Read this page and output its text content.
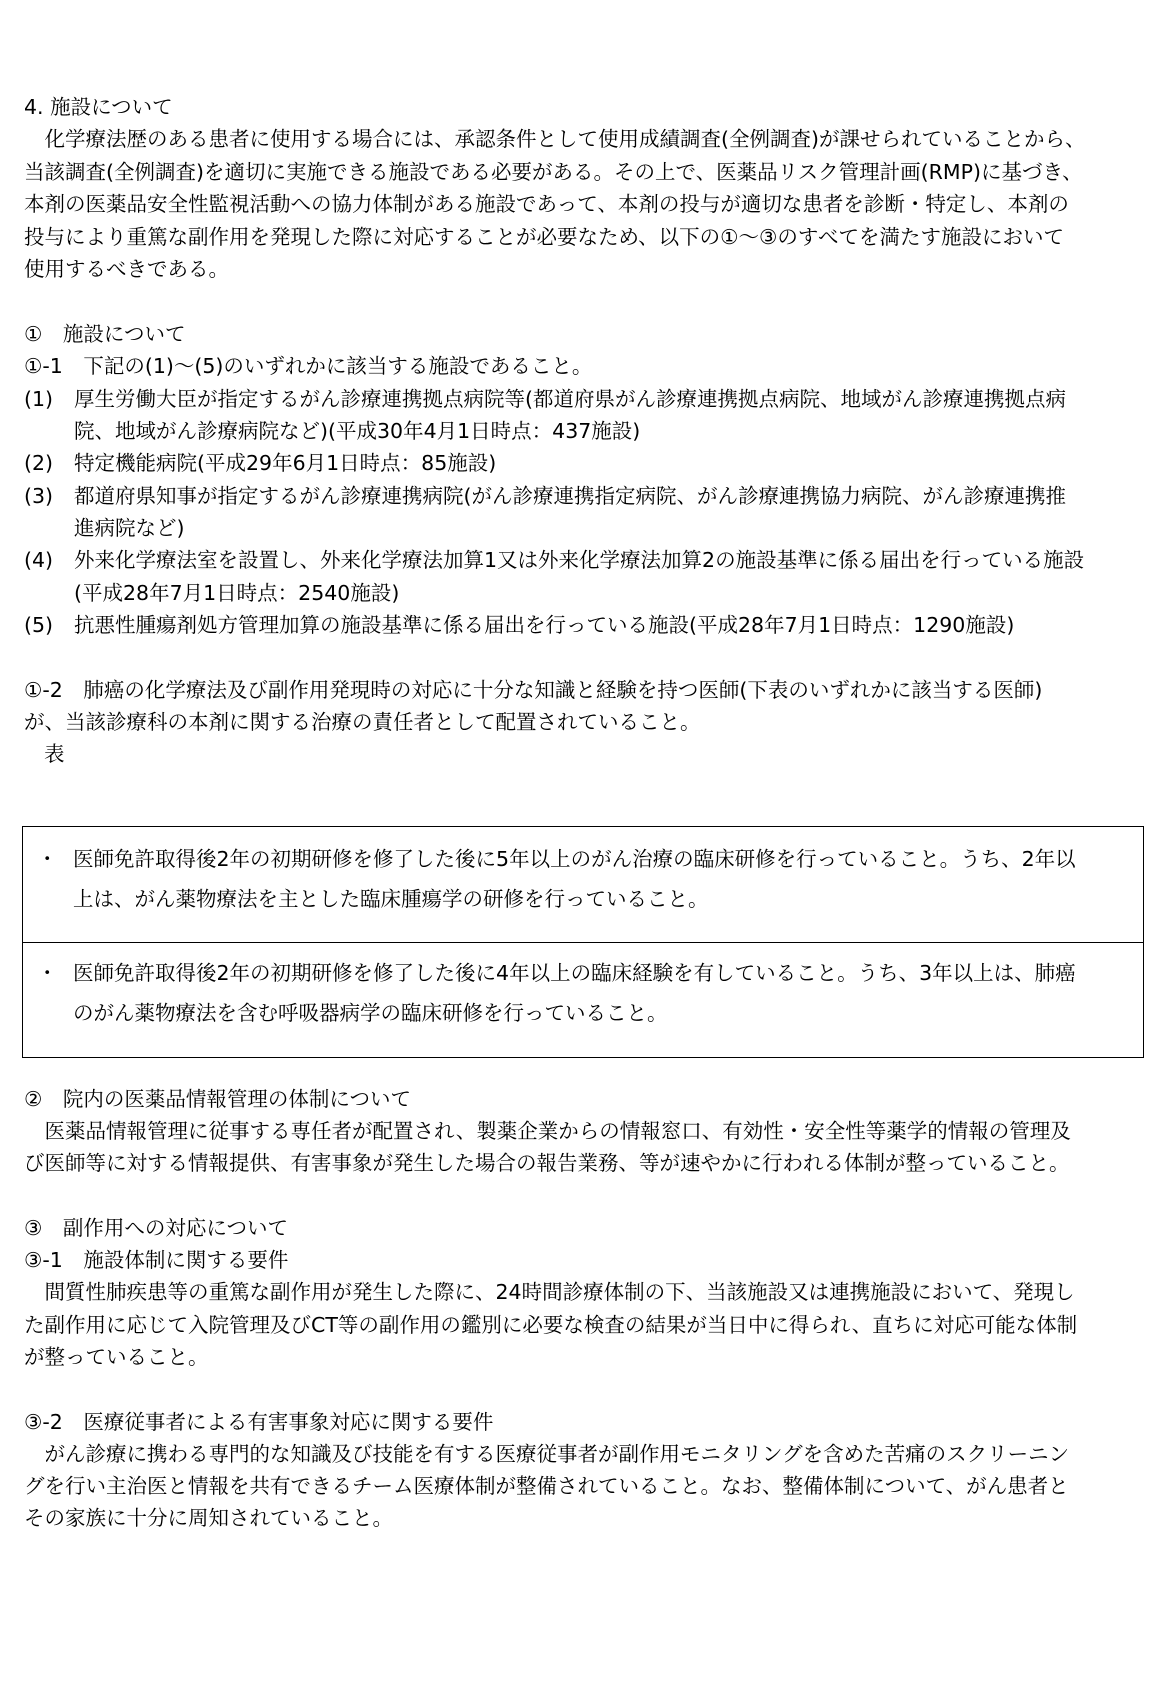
4. 施設について
　化学療法歴のある患者に使用する場合には、承認条件として使用成績調査(全例調査)が課せられていることから、
当該調査(全例調査)を適切に実施できる施設である必要がある。その上で、医薬品リスク管理計画(RMP)に基づき、
本剤の医薬品安全性監視活動への協力体制がある施設であって、本剤の投与が適切な患者を診断・特定し、本剤の
投与により重篤な副作用を発現した際に対応することが必要なため、以下の①～③のすべてを満たす施設において
使用するべきである。
①　施設について
①-1　下記の(1)～(5)のいずれかに該当する施設であること。
(1) 厚生労働大臣が指定するがん診療連携拠点病院等(都道府県がん診療連携拠点病院、地域がん診療連携拠点病
院、地域がん診療病院など)(平成30年4月1日時点：437施設)
(2) 特定機能病院(平成29年6月1日時点：85施設)
(3) 都道府県知事が指定するがん診療連携病院(がん診療連携指定病院、がん診療連携協力病院、がん診療連携推
進病院など)
(4) 外来化学療法室を設置し、外来化学療法加算1又は外来化学療法加算2の施設基準に係る届出を行っている施設
(平成28年7月1日時点：2540施設)
(5) 抗悪性腫瘍剤処方管理加算の施設基準に係る届出を行っている施設(平成28年7月1日時点：1290施設)
①-2　肺癌の化学療法及び副作用発現時の対応に十分な知識と経験を持つ医師(下表のいずれかに該当する医師)
が、当該診療科の本剤に関する治療の責任者として配置されていること。
表
・ 医師免許取得後2年の初期研修を修了した後に5年以上のがん治療の臨床研修を行っていること。うち、2年以
上は、がん薬物療法を主とした臨床腫瘍学の研修を行っていること。
・ 医師免許取得後2年の初期研修を修了した後に4年以上の臨床経験を有していること。うち、3年以上は、肺癌
のがん薬物療法を含む呼吸器病学の臨床研修を行っていること。
②　院内の医薬品情報管理の体制について
　医薬品情報管理に従事する専任者が配置され、製薬企業からの情報窓口、有効性・安全性等薬学的情報の管理及
び医師等に対する情報提供、有害事象が発生した場合の報告業務、等が速やかに行われる体制が整っていること。
③　副作用への対応について
③-1　施設体制に関する要件
　間質性肺疾患等の重篤な副作用が発生した際に、24時間診療体制の下、当該施設又は連携施設において、発現し
た副作用に応じて入院管理及びCT等の副作用の鑑別に必要な検査の結果が当日中に得られ、直ちに対応可能な体制
が整っていること。
③-2　医療従事者による有害事象対応に関する要件
　がん診療に携わる専門的な知識及び技能を有する医療従事者が副作用モニタリングを含めた苦痛のスクリーニン
グを行い主治医と情報を共有できるチーム医療体制が整備されていること。なお、整備体制について、がん患者と
その家族に十分に周知されていること。
